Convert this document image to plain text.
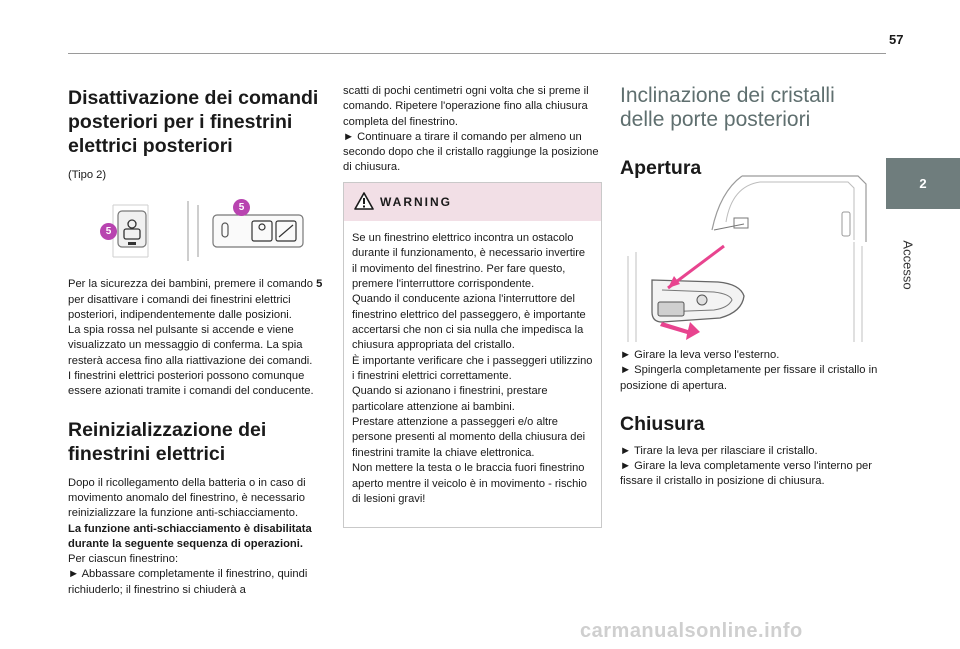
57
2
Accesso
Disattivazione dei comandi posteriori per i finestrini elettrici posteriori

(Tipo 2)

5
5

Per la sicurezza dei bambini, premere il comando 5 per disattivare i comandi dei finestrini elettrici posteriori, indipendentemente dalle posizioni.

La spia rossa nel pulsante si accende e viene visualizzato un messaggio di conferma. La spia resterà accesa fino alla riattivazione dei comandi.

I finestrini elettrici posteriori possono comunque essere azionati tramite i comandi del conducente.

Reinizializzazione dei finestrini elettrici

Dopo il ricollegamento della batteria o in caso di movimento anomalo del finestrino, è necessario reinizializzare la funzione anti-schiacciamento.

La funzione anti-schiacciamento è disabilitata durante la seguente sequenza di operazioni.

Per ciascun finestrino:

► Abbassare completamente il finestrino, quindi richiuderlo; il finestrino si chiuderà a

scatti di pochi centimetri ogni volta che si preme il comando. Ripetere l'operazione fino alla chiusura completa del finestrino.

► Continuare a tirare il comando per almeno un secondo dopo che il cristallo raggiunge la posizione di chiusura.

WARNING

Se un finestrino elettrico incontra un ostacolo durante il funzionamento, è necessario invertire il movimento del finestrino. Per fare questo, premere l'interruttore corrispondente.

Quando il conducente aziona l'interruttore del finestrino elettrico del passeggero, è importante accertarsi che non ci sia nulla che impedisca la chiusura appropriata del cristallo.

È importante verificare che i passeggeri utilizzino i finestrini elettrici correttamente.

Quando si azionano i finestrini, prestare particolare attenzione ai bambini.

Prestare attenzione a passeggeri e/o altre persone presenti al momento della chiusura dei finestrini tramite la chiave elettronica.

Non mettere la testa o le braccia fuori finestrino aperto mentre il veicolo è in movimento - rischio di lesioni gravi!

Inclinazione dei cristalli delle porte posteriori
Apertura

► Girare la leva verso l'esterno.

► Spingerla completamente per fissare il cristallo in posizione di apertura.

Chiusura

► Tirare la leva per rilasciare il cristallo.

► Girare la leva completamente verso l'interno per fissare il cristallo in posizione di chiusura.

carmanualsonline.info
